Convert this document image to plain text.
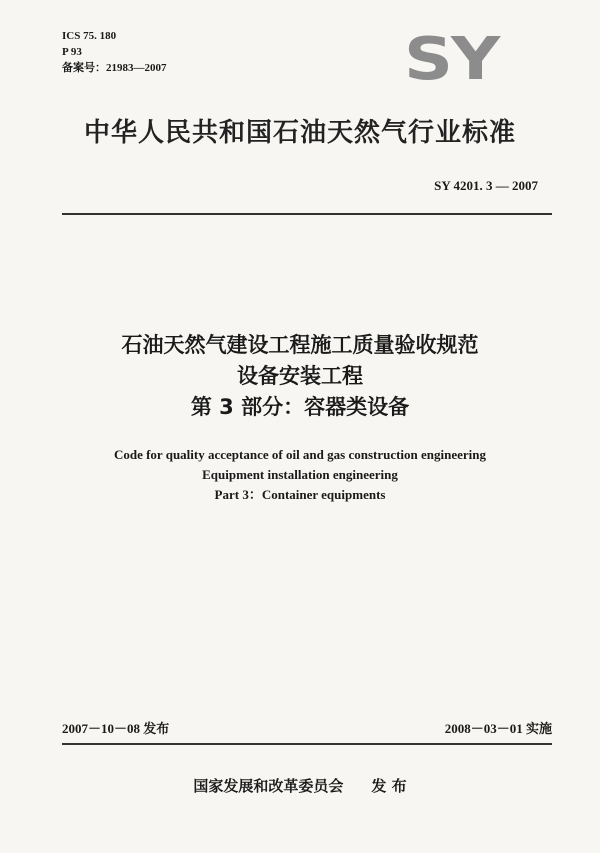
ICS 75. 180
P 93
备案号：21983—2007	SY
中华人民共和国石油天然气行业标准
SY 4201. 3 — 2007
石油天然气建设工程施工质量验收规范
设备安装工程
第 3 部分：容器类设备
Code for quality acceptance of oil and gas construction engineering
Equipment installation engineering
Part 3：Container equipments
2007－10－08 发布	2008－03－01 实施
国家发展和改革委员会 发 布
